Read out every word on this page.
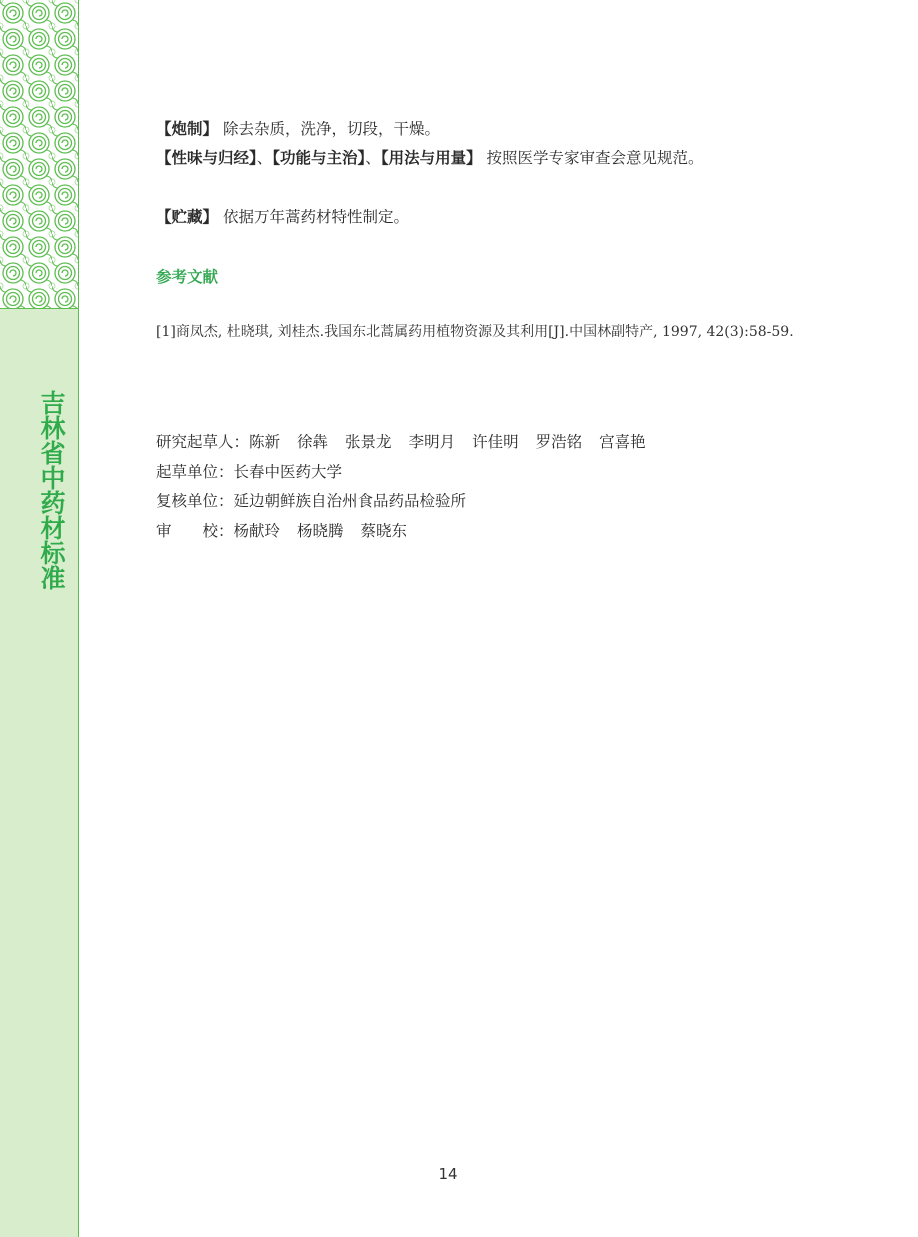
吉林省中药材标准
【炮制】 除去杂质，洗净，切段，干燥。
【性味与归经】、【功能与主治】、【用法与用量】 按照医学专家审查会意见规范。
【贮藏】 依据万年蒿药材特性制定。
参考文献
[1]商凤杰, 杜晓琪, 刘桂杰.我国东北蒿属药用植物资源及其利用[J].中国林副特产, 1997, 42(3):58-59.
研究起草人：陈新 徐犇 张景龙 李明月 许佳明 罗浩铭 宫喜艳
起草单位：长春中医药大学
复核单位：延边朝鲜族自治州食品药品检验所
审　　校：杨献玲 杨晓腾 蔡晓东
14
